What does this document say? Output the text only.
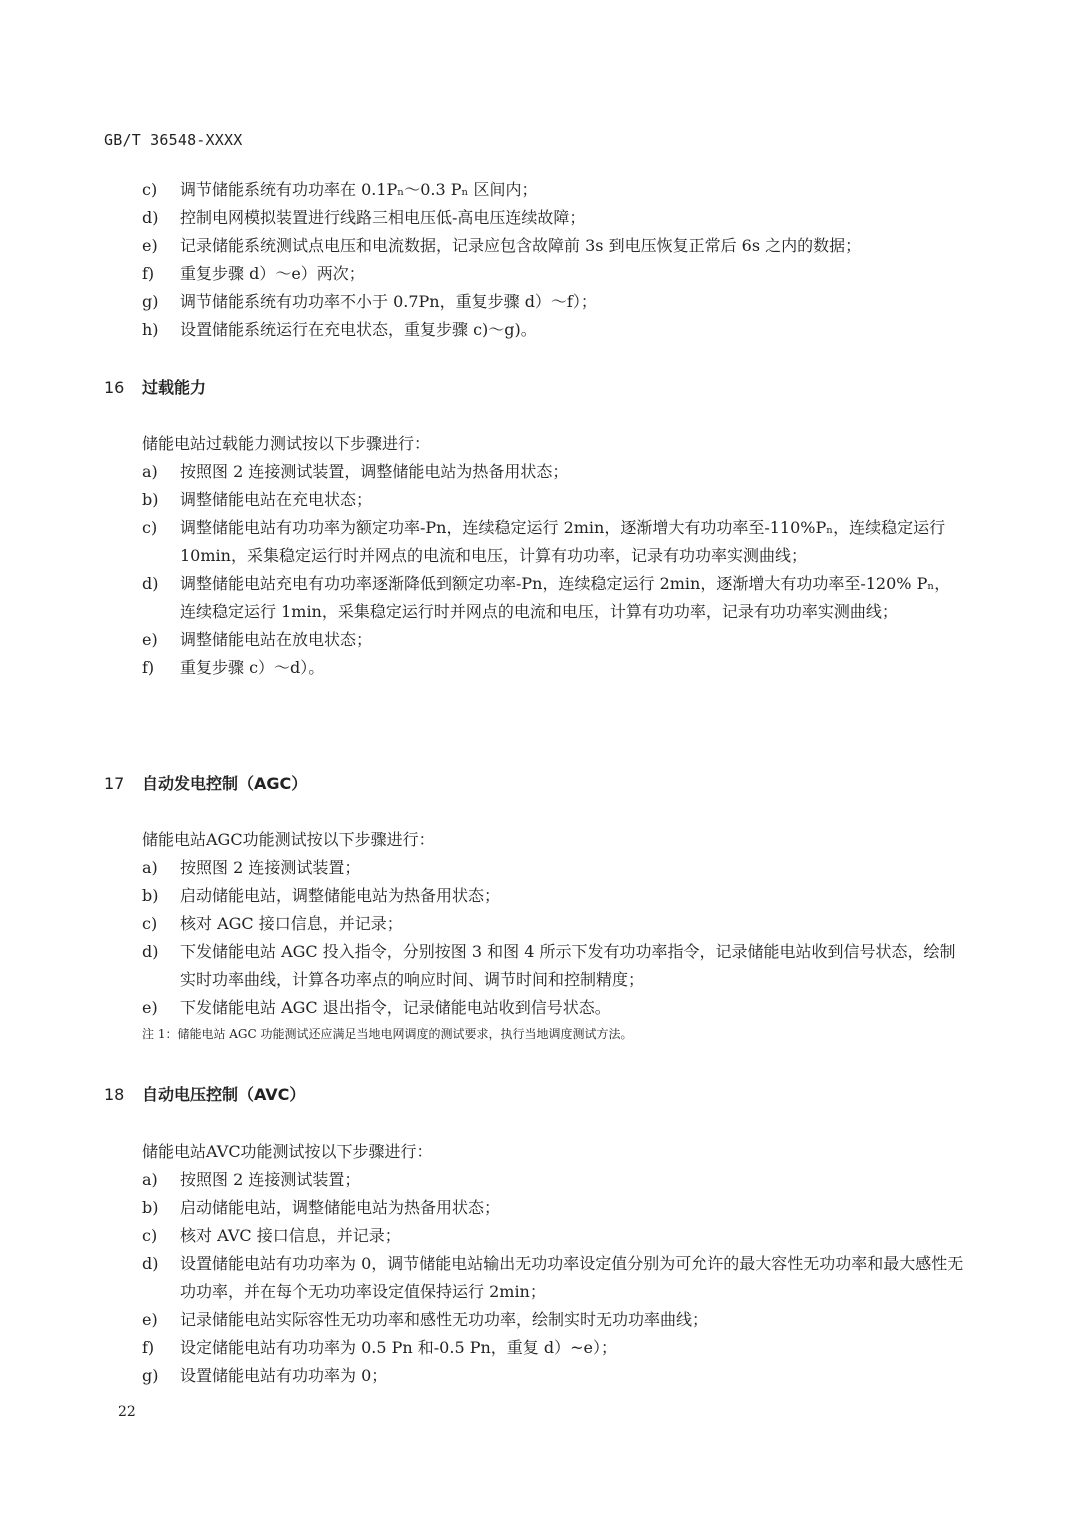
GB/T 36548-XXXX
c)	调节储能系统有功功率在 0.1Pₙ～0.3 Pₙ 区间内；
d)	控制电网模拟装置进行线路三相电压低-高电压连续故障；
e)	记录储能系统测试点电压和电流数据，记录应包含故障前 3s 到电压恢复正常后 6s 之内的数据；
f)	重复步骤 d）～e）两次；
g)	调节储能系统有功功率不小于 0.7Pn，重复步骤 d）～f）；
h)	设置储能系统运行在充电状态，重复步骤 c)～g)。
16 过载能力
储能电站过载能力测试按以下步骤进行：
a)	按照图 2 连接测试装置，调整储能电站为热备用状态；
b)	调整储能电站在充电状态；
c)	调整储能电站有功功率为额定功率-Pn，连续稳定运行 2min，逐渐增大有功功率至-110%Pₙ，连续稳定运行 10min，采集稳定运行时并网点的电流和电压，计算有功功率，记录有功功率实测曲线；
d)	调整储能电站充电有功功率逐渐降低到额定功率-Pn，连续稳定运行 2min，逐渐增大有功功率至-120% Pₙ，连续稳定运行 1min，采集稳定运行时并网点的电流和电压，计算有功功率，记录有功功率实测曲线；
e)	调整储能电站在放电状态；
f)	重复步骤 c）～d）。
17 自动发电控制（AGC）
储能电站AGC功能测试按以下步骤进行：
a)	按照图 2 连接测试装置；
b)	启动储能电站，调整储能电站为热备用状态；
c)	核对 AGC 接口信息，并记录；
d)	下发储能电站 AGC 投入指令，分别按图 3 和图 4 所示下发有功功率指令，记录储能电站收到信号状态，绘制实时功率曲线，计算各功率点的响应时间、调节时间和控制精度；
e)	下发储能电站 AGC 退出指令，记录储能电站收到信号状态。
注 1：储能电站 AGC 功能测试还应满足当地电网调度的测试要求，执行当地调度测试方法。
18 自动电压控制（AVC）
储能电站AVC功能测试按以下步骤进行：
a)	按照图 2 连接测试装置；
b)	启动储能电站，调整储能电站为热备用状态；
c)	核对 AVC 接口信息，并记录；
d)	设置储能电站有功功率为 0，调节储能电站输出无功功率设定值分别为可允许的最大容性无功功率和最大感性无功功率，并在每个无功功率设定值保持运行 2min；
e)	记录储能电站实际容性无功功率和感性无功功率，绘制实时无功功率曲线；
f)	设定储能电站有功功率为 0.5 Pn 和-0.5 Pn，重复 d）~e）；
g)	设置储能电站有功功率为 0；
22
